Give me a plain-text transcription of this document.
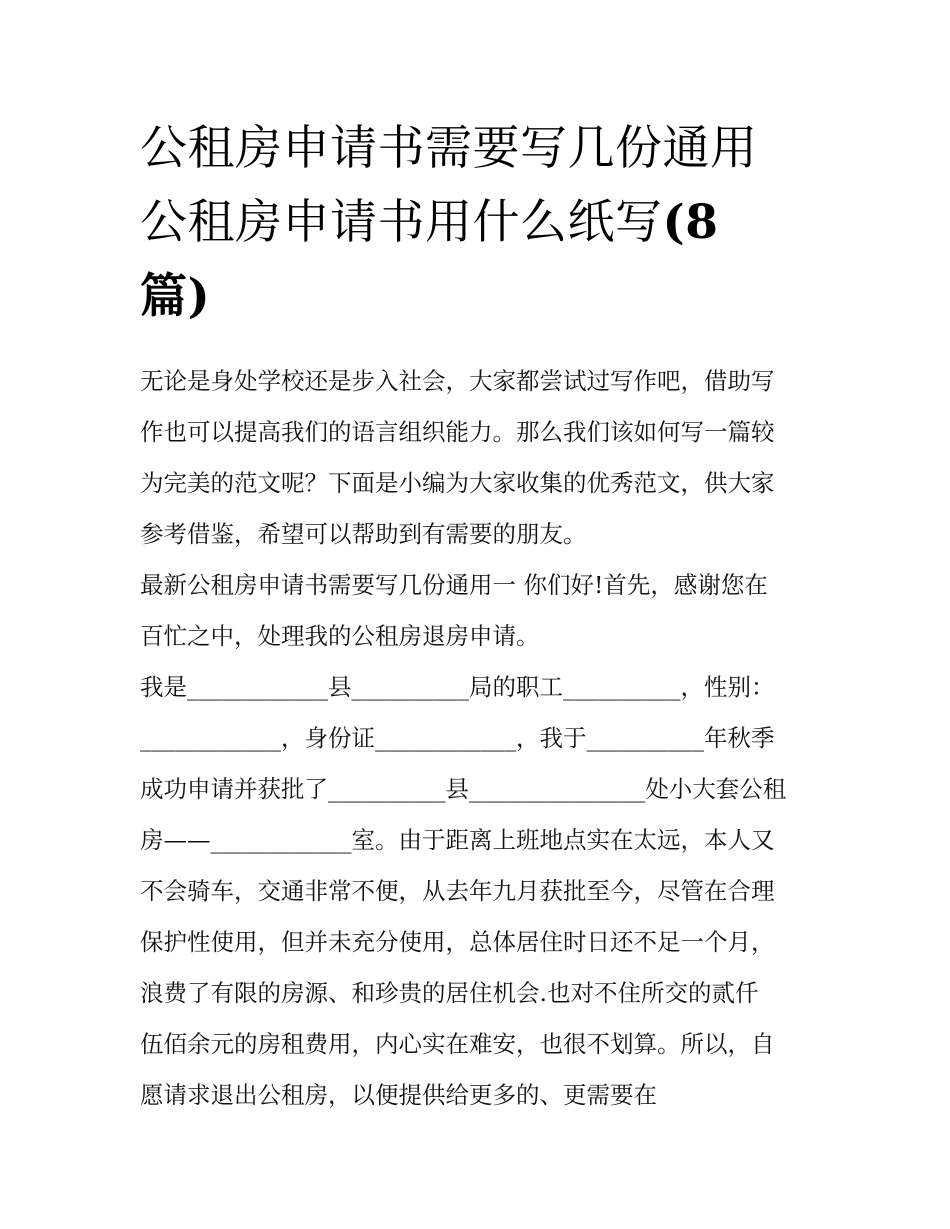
公租房申请书需要写几份通用
公租房申请书用什么纸写(8
篇)
无论是身处学校还是步入社会，大家都尝试过写作吧，借助写
作也可以提高我们的语言组织能力。那么我们该如何写一篇较
为完美的范文呢？下面是小编为大家收集的优秀范文，供大家
参考借鉴，希望可以帮助到有需要的朋友。
最新公租房申请书需要写几份通用一 你们好!首先，感谢您在
百忙之中，处理我的公租房退房申请。
我是____________县__________局的职工__________，性别：
____________，身份证____________，我于__________年秋季
成功申请并获批了__________县_______________处小大套公租
房——____________室。由于距离上班地点实在太远，本人又
不会骑车，交通非常不便，从去年九月获批至今，尽管在合理
保护性使用，但并未充分使用，总体居住时日还不足一个月，
浪费了有限的房源、和珍贵的居住机会.也对不住所交的贰仟
伍佰余元的房租费用，内心实在难安，也很不划算。所以，自
愿请求退出公租房，以便提供给更多的、更需要在
